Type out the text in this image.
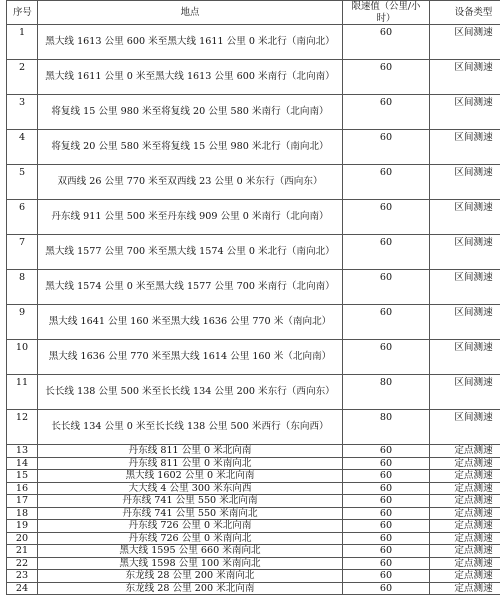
序号	地点	限速值（公里/小时）	设备类型
1	黑大线 1613 公里 600 米至黑大线 1611 公里 0 米北行（南向北）	60	区间测速
2	黑大线 1611 公里 0 米至黑大线 1613 公里 600 米南行（北向南）	60	区间测速
3	将复线 15 公里 980 米至将复线 20 公里 580 米南行（北向南）	60	区间测速
4	将复线 20 公里 580 米至将复线 15 公里 980 米北行（南向北）	60	区间测速
5	双西线 26 公里 770 米至双西线 23 公里 0 米东行（西向东）	60	区间测速
6	丹东线 911 公里 500 米至丹东线 909 公里 0 米南行（北向南）	60	区间测速
7	黑大线 1577 公里 700 米至黑大线 1574 公里 0 米北行（南向北）	60	区间测速
8	黑大线 1574 公里 0 米至黑大线 1577 公里 700 米南行（北向南）	60	区间测速
9	黑大线 1641 公里 160 米至黑大线 1636 公里 770 米（南向北）	60	区间测速
10	黑大线 1636 公里 770 米至黑大线 1614 公里 160 米（北向南）	60	区间测速
11	长长线 138 公里 500 米至长长线 134 公里 200 米东行（西向东）	80	区间测速
12	长长线 134 公里 0 米至长长线 138 公里 500 米西行（东向西）	80	区间测速
13	丹东线 811 公里 0 米北向南	60	定点测速
14	丹东线 811 公里 0 米南向北	60	定点测速
15	黑大线 1602 公里 0 米北向南	60	定点测速
16	大大线 4 公里 300 米东向西	60	定点测速
17	丹东线 741 公里 550 米北向南	60	定点测速
18	丹东线 741 公里 550 米南向北	60	定点测速
19	丹东线 726 公里 0 米北向南	60	定点测速
20	丹东线 726 公里 0 米南向北	60	定点测速
21	黑大线 1595 公里 660 米南向北	60	定点测速
22	黑大线 1598 公里 100 米南向北	60	定点测速
23	东龙线 28 公里 200 米南向北	60	定点测速
24	东龙线 28 公里 200 米北向南	60	定点测速
